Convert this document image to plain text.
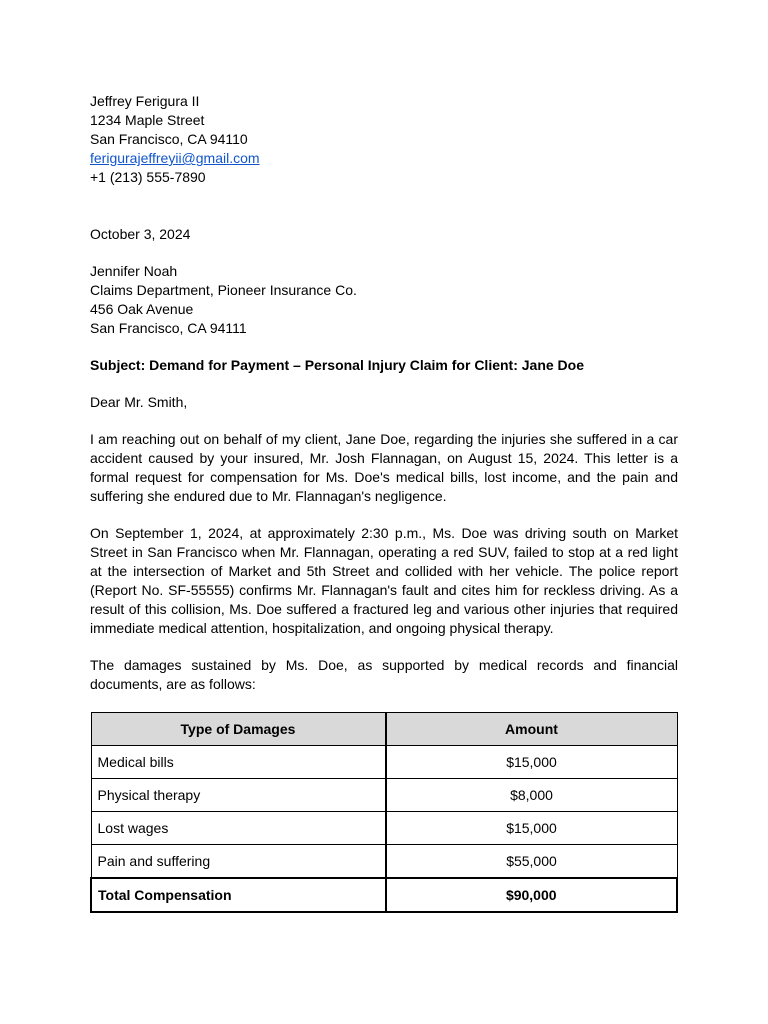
Jeffrey Ferigura II
1234 Maple Street
San Francisco, CA 94110
ferigurajeffreyii@gmail.com
+1 (213) 555-7890
October 3, 2024
Jennifer Noah
Claims Department, Pioneer Insurance Co.
456 Oak Avenue
San Francisco, CA 94111
Subject: Demand for Payment – Personal Injury Claim for Client: Jane Doe
Dear Mr. Smith,

I am reaching out on behalf of my client, Jane Doe, regarding the injuries she suffered in a car accident caused by your insured, Mr. Josh Flannagan, on August 15, 2024. This letter is a formal request for compensation for Ms. Doe's medical bills, lost income, and the pain and suffering she endured due to Mr. Flannagan's negligence.

On September 1, 2024, at approximately 2:30 p.m., Ms. Doe was driving south on Market Street in San Francisco when Mr. Flannagan, operating a red SUV, failed to stop at a red light at the intersection of Market and 5th Street and collided with her vehicle. The police report (Report No. SF-55555) confirms Mr. Flannagan's fault and cites him for reckless driving. As a result of this collision, Ms. Doe suffered a fractured leg and various other injuries that required immediate medical attention, hospitalization, and ongoing physical therapy.

The damages sustained by Ms. Doe, as supported by medical records and financial documents, are as follows:

Type of Damages	Amount
Medical bills	$15,000
Physical therapy	$8,000
Lost wages	$15,000
Pain and suffering	$55,000
Total Compensation	$90,000
